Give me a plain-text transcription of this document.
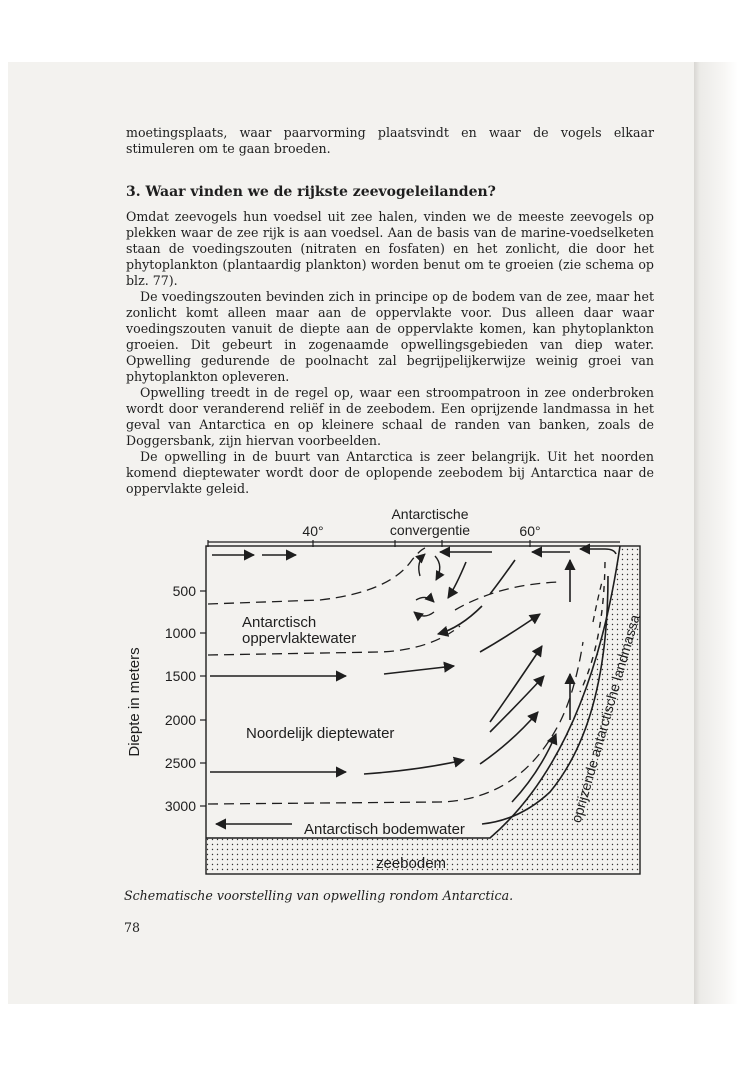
moetingsplaats, waar paarvorming plaatsvindt en waar de vogels elkaar stimuleren om te gaan broeden.

3. Waar vinden we de rijkste zeevogeleilanden?

Omdat zeevogels hun voedsel uit zee halen, vinden we de meeste zeevogels op plekken waar de zee rijk is aan voedsel. Aan de basis van de marine-voedselketen staan de voedingszouten (nitraten en fosfaten) en het zonlicht, die door het phytoplankton (plantaardig plankton) worden benut om te groeien (zie schema op blz. 77).

De voedingszouten bevinden zich in principe op de bodem van de zee, maar het zonlicht komt alleen maar aan de oppervlakte voor. Dus alleen daar waar voedingszouten vanuit de diepte aan de oppervlakte komen, kan phytoplankton groeien. Dit gebeurt in zogenaamde opwellingsgebieden van diep water. Opwelling gedurende de poolnacht zal begrijpelijkerwijze weinig groei van phytoplankton opleveren.

Opwelling treedt in de regel op, waar een stroompatroon in zee onderbroken wordt door veranderend reliëf in de zeebodem. Een oprijzende landmassa in het geval van Antarctica en op kleinere schaal de randen van banken, zoals de Doggersbank, zijn hiervan voorbeelden.

De opwelling in de buurt van Antarctica is zeer belangrijk. Uit het noorden komend dieptewater wordt door de oplopende zeebodem bij Antarctica naar de oppervlakte geleid.

Antarctische
convergentie
40°	60°
500
1000
1500
2000
2500
3000
Diepte in meters
Antarctisch
oppervlaktewater
Noordelijk dieptewater
Antarctisch bodemwater
zeebodem
oprijzende antarctische landmassa

Schematische voorstelling van opwelling rondom Antarctica.

78
